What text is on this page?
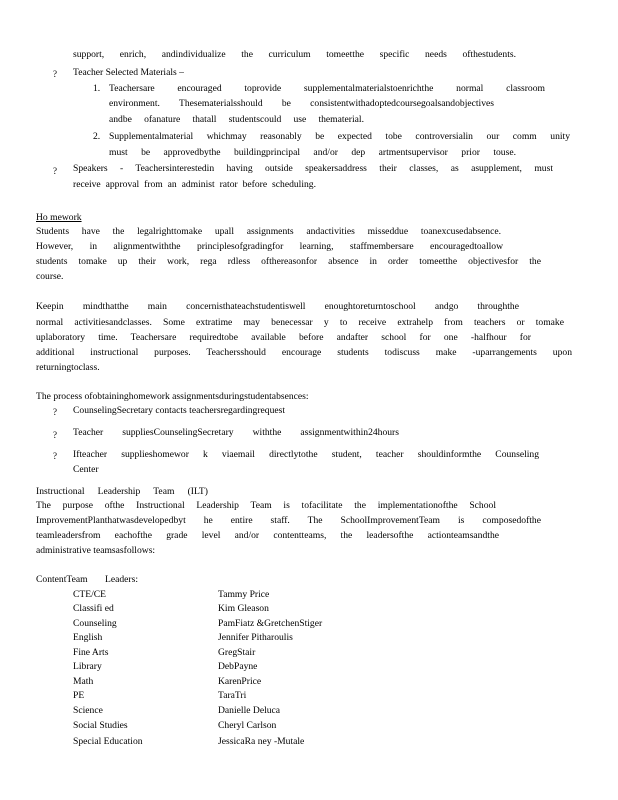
support, enrich, andindividualize the curriculum tomeetthe specific needs ofthestudents.
? Teacher Selected Materials –
1. Teachersare encouraged toprovide supplementalmaterialstoenrichthe normal classroom
environment. Thesematerialsshould be consistentwithadoptedcoursegoalsandobjectives
andbe ofanature thatall studentscould use thematerial.
2. Supplementalmaterial whichmay reasonably be expected tobe controversialin our comm unity
must be approvedbythe buildingprincipal and/or dep artmentsupervisor prior touse.
? Speakers - Teachersinterestedin having outside speakersaddress their classes, as asupplement, must
receive approval from an administ rator before scheduling.
Ho mework
Students have the legalrighttomake upall assignments andactivities misseddue toanexcusedabsence.
However, in alignmentwiththe principlesofgradingfor learning, staffmembersare encouragedtoallow
students tomake up their work, rega rdless ofthereasonfor absence in order tomeetthe objectivesfor the
course.
Keepin mindthatthe main concernisthateachstudentiswell enoughtoreturntoschool andgo throughthe
normal activitiesandclasses. Some extratime may benecessar y to receive extrahelp from teachers or tomake
uplaboratory time. Teachersare requiredtobe available before andafter school for one -halfhour for
additional instructional purposes. Teachersshould encourage students todiscuss make -uparrangements upon
returningtoclass.
The process ofobtaininghomework assignmentsduringstudentabsences:
? CounselingSecretary contacts teachersregardingrequest
? Teacher suppliesCounselingSecretary withthe assignmentwithin24hours
? Ifteacher supplieshomewor k viaemail directlytothe student, teacher shouldinformthe Counseling
Center
Instructional Leadership Team (ILT)
The purpose ofthe Instructional Leadership Team is tofacilitate the implementationofthe School
ImprovementPlanthatwasdevelopedbyt he entire staff. The SchoolImprovementTeam is composedofthe
teamleadersfrom eachofthe grade level and/or contentteams, the leadersofthe actionteamsandthe
administrative teamsasfollows:
ContentTeam Leaders:
CTE/CE	Tammy Price
Classifi ed	Kim Gleason
Counseling	PamFiatz &GretchenStiger
English	Jennifer Pitharoulis
Fine Arts	GregStair
Library	DebPayne
Math	KarenPrice
PE	TaraTri
Science	Danielle Deluca
Social Studies	Cheryl Carlson
Special Education	JessicaRa ney -Mutale
